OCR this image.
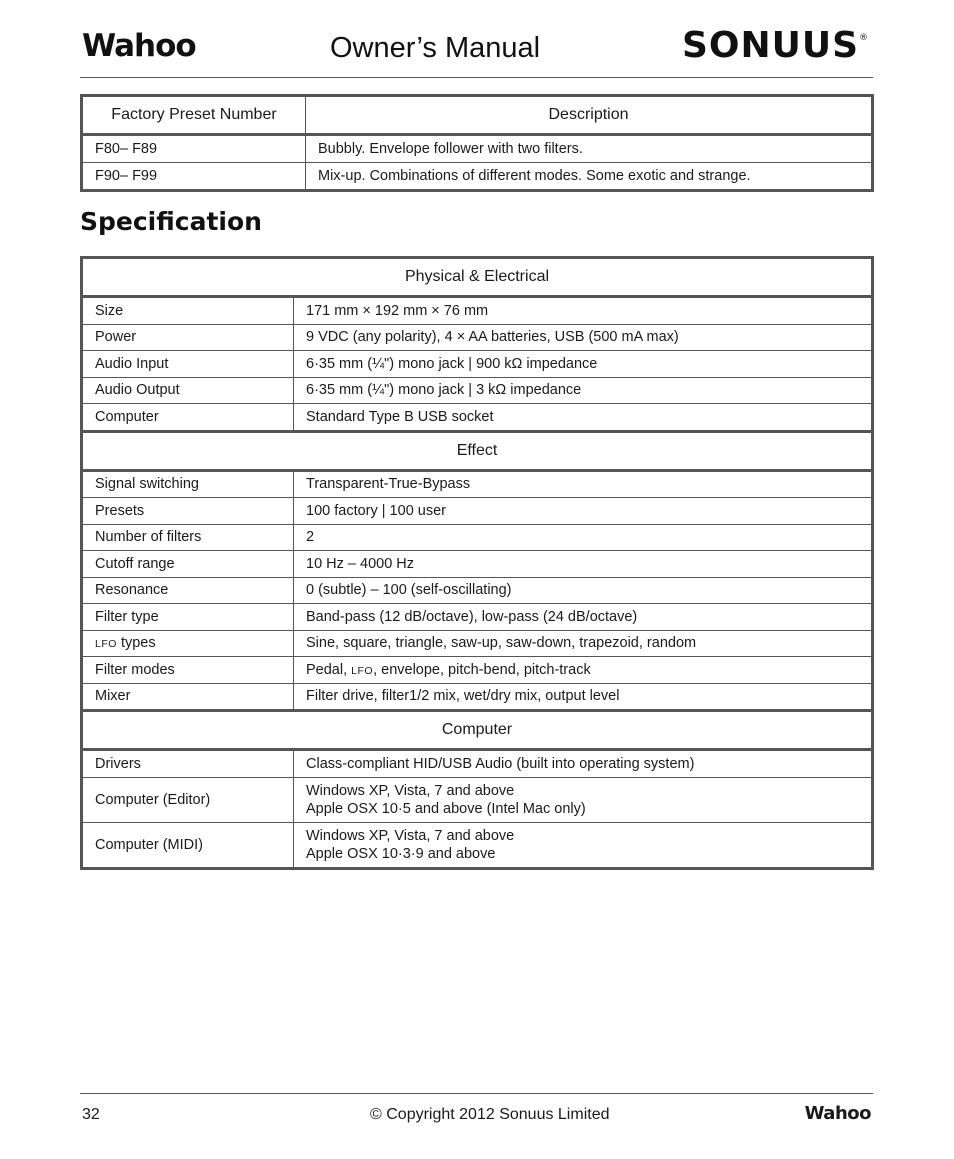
Wahoo	Owner’s Manual	SONUUS®
Factory Preset Number	Description
F80– F89	Bubbly. Envelope follower with two filters.
F90– F99	Mix-up. Combinations of different modes. Some exotic and strange.
Specification
Physical & Electrical	
Size	171 mm × 192 mm × 76 mm
Power	9 VDC (any polarity), 4 × AA batteries, USB (500 mA max)
Audio Input	6·35 mm (¼") mono jack | 900 kΩ impedance
Audio Output	6·35 mm (¼") mono jack | 3 kΩ impedance
Computer	Standard Type B USB socket
Effect	
Signal switching	Transparent-True-Bypass
Presets	100 factory | 100 user
Number of filters	2
Cutoff range	10 Hz – 4000 Hz
Resonance	0 (subtle) – 100 (self-oscillating)
Filter type	Band-pass (12 dB/octave), low-pass (24 dB/octave)
LFO types	Sine, square, triangle, saw-up, saw-down, trapezoid, random
Filter modes	Pedal, LFO, envelope, pitch-bend, pitch-track
Mixer	Filter drive, filter1/2 mix, wet/dry mix, output level
Computer	
Drivers	Class-compliant HID/USB Audio (built into operating system)
Computer (Editor)	Windows XP, Vista, 7 and above
Apple OSX 10·5 and above (Intel Mac only)

Computer (MIDI)	Windows XP, Vista, 7 and above
Apple OSX 10·3·9 and above
32	© Copyright 2012 Sonuus Limited	Wahoo
